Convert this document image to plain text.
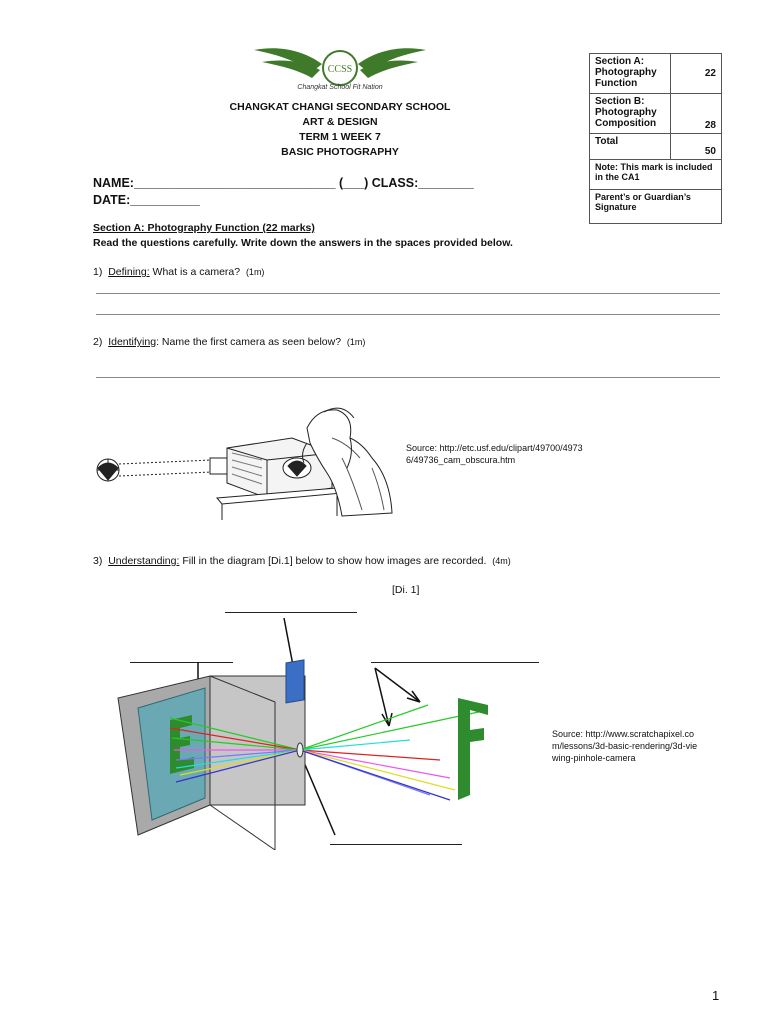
CCSS
Changkat School Fit Nation
CHANGKAT CHANGI SECONDARY SCHOOL
ART & DESIGN
TERM 1 WEEK 7
BASIC PHOTOGRAPHY
Section A: Photography Function	22
Section B: Photography Composition	28
Total	50
Note: This mark is included in the CA1	
Parent’s or Guardian’s Signature	
NAME:_____________________________ (___) CLASS:________
DATE:__________
Section A: Photography Function (22 marks)
Read the questions carefully. Write down the answers in the spaces provided below.
1) Defining: What is a camera? (1m)
2) Identifying: Name the first camera as seen below? (1m)
Source: http://etc.usf.edu/clipart/49700/49736/49736_cam_obscura.htm
3) Understanding: Fill in the diagram [Di.1] below to show how images are recorded. (4m)
[Di. 1]
Source: http://www.scratchapixel.com/lessons/3d-basic-rendering/3d-viewing-pinhole-camera
1
